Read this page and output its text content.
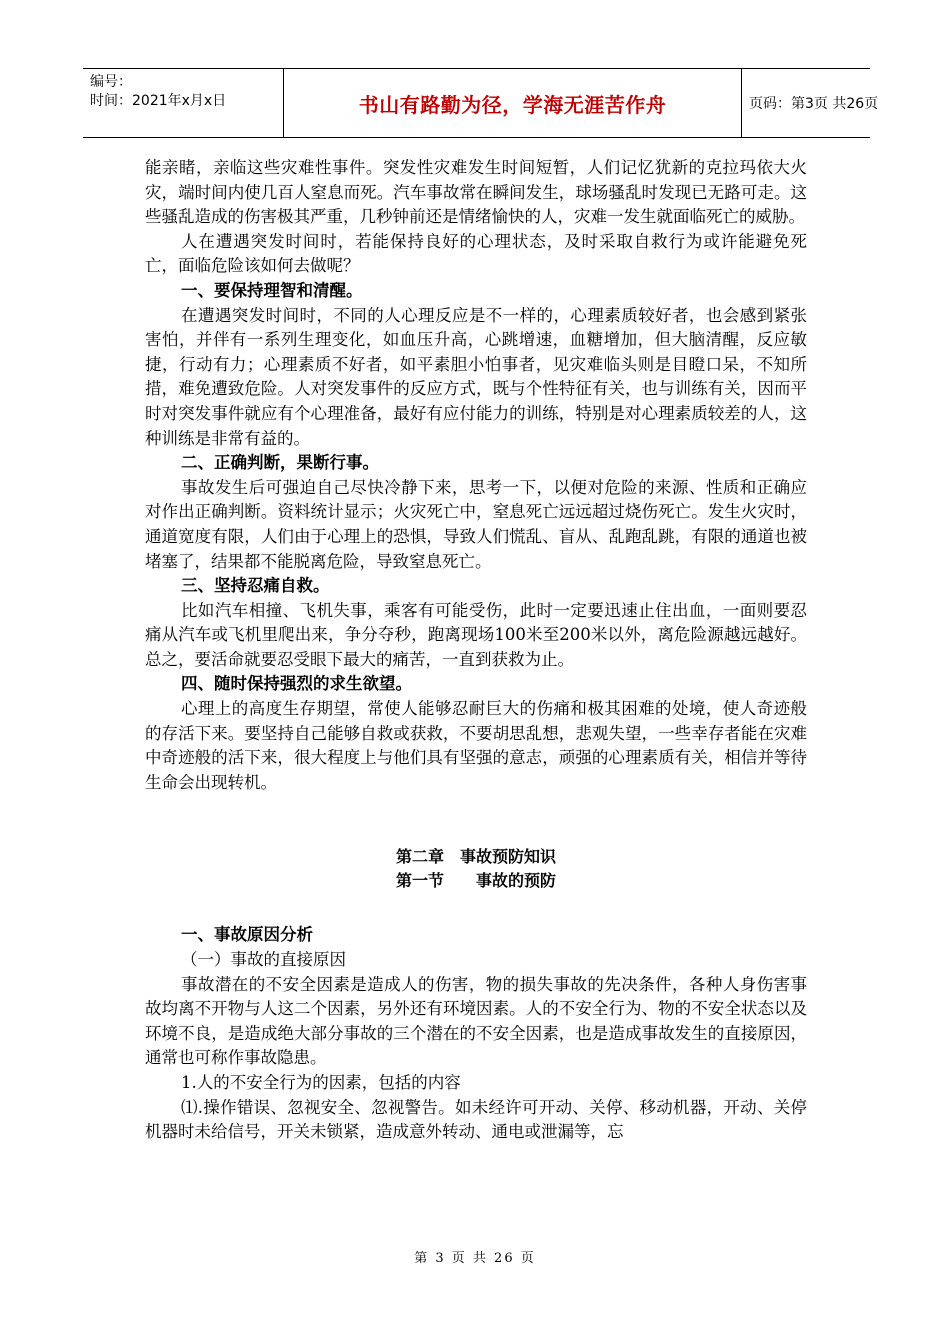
编号：
时间：2021年x月x日	书山有路勤为径，学海无涯苦作舟	页码：第3页 共26页

能亲睹，亲临这些灾难性事件。突发性灾难发生时间短暂，人们记忆犹新的克拉玛依大火灾，端时间内使几百人窒息而死。汽车事故常在瞬间发生，球场骚乱时发现已无路可走。这些骚乱造成的伤害极其严重，几秒钟前还是情绪愉快的人，灾难一发生就面临死亡的威胁。

人在遭遇突发时间时，若能保持良好的心理状态，及时采取自救行为或许能避免死亡，面临危险该如何去做呢？

一、要保持理智和清醒。

在遭遇突发时间时，不同的人心理反应是不一样的，心理素质较好者，也会感到紧张害怕，并伴有一系列生理变化，如血压升高，心跳增速，血糖增加，但大脑清醒，反应敏捷，行动有力；心理素质不好者，如平素胆小怕事者，见灾难临头则是目瞪口呆，不知所措，难免遭致危险。人对突发事件的反应方式，既与个性特征有关，也与训练有关，因而平时对突发事件就应有个心理准备，最好有应付能力的训练，特别是对心理素质较差的人，这种训练是非常有益的。

二、正确判断，果断行事。

事故发生后可强迫自己尽快冷静下来，思考一下，以便对危险的来源、性质和正确应对作出正确判断。资料统计显示；火灾死亡中，窒息死亡远远超过烧伤死亡。发生火灾时，通道宽度有限，人们由于心理上的恐惧，导致人们慌乱、盲从、乱跑乱跳，有限的通道也被堵塞了，结果都不能脱离危险，导致窒息死亡。

三、坚持忍痛自救。

比如汽车相撞、飞机失事，乘客有可能受伤，此时一定要迅速止住出血，一面则要忍痛从汽车或飞机里爬出来，争分夺秒，跑离现场100米至200米以外，离危险源越远越好。总之，要活命就要忍受眼下最大的痛苦，一直到获救为止。

四、随时保持强烈的求生欲望。

心理上的高度生存期望，常使人能够忍耐巨大的伤痛和极其困难的处境，使人奇迹般的存活下来。要坚持自己能够自救或获救，不要胡思乱想，悲观失望，一些幸存者能在灾难中奇迹般的活下来，很大程度上与他们具有坚强的意志，顽强的心理素质有关，相信并等待生命会出现转机。

第二章　事故预防知识

第一节　　事故的预防

一、事故原因分析

（一）事故的直接原因

事故潜在的不安全因素是造成人的伤害，物的损失事故的先决条件，各种人身伤害事故均离不开物与人这二个因素，另外还有环境因素。人的不安全行为、物的不安全状态以及环境不良，是造成绝大部分事故的三个潜在的不安全因素，也是造成事故发生的直接原因，通常也可称作事故隐患。

1.人的不安全行为的因素，包括的内容

⑴.操作错误、忽视安全、忽视警告。如未经许可开动、关停、移动机器，开动、关停机器时未给信号，开关未锁紧，造成意外转动、通电或泄漏等，忘

第 3 页 共 26 页
